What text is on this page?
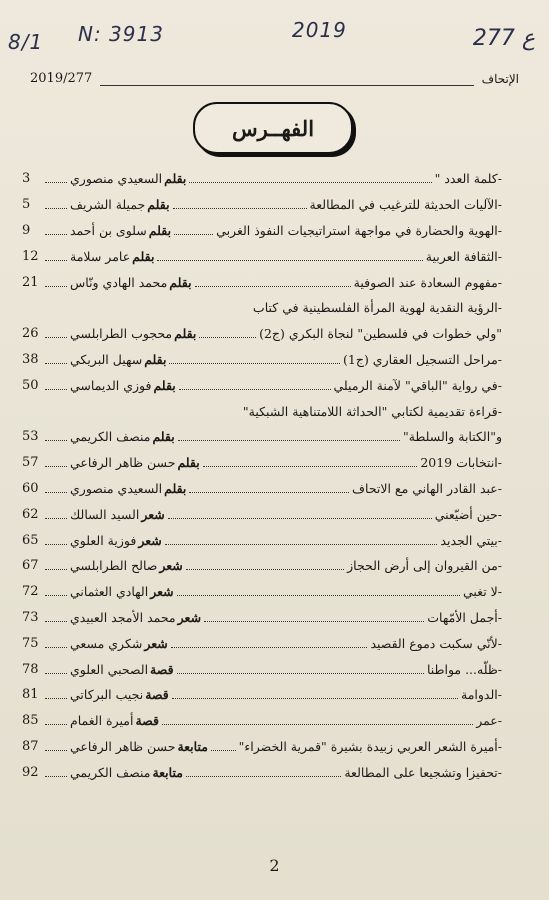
8/1 N: 3913	2019	277 ع
الإتحاف
2019/277
الفهــرس
-كلمة العدد "
بقلم
السعيدي منصوري
3
-الآليات الحديثة للترغيب في المطالعة
بقلم
جميلة الشريف
5
-الهوية والحضارة في مواجهة استراتيجيات النفوذ الغربي
بقلم
سلوى بن أحمد
9
-الثقافة العربية
بقلم
عامر سلامة
12
-مفهوم السعادة عند الصوفية
بقلم
محمد الهادي ونّاس
21
-الرؤية النقدية لهوية المرأة الفلسطينية في كتاب
"ولي خطوات في فلسطين" لنجاة البكري (ج2)
بقلم
محجوب الطرابلسي
26
-مراحل التسجيل العقاري (ج1)
بقلم
سهيل البريكي
38
-في رواية "الباقي" لآمنة الرميلي
بقلم
فوزي الديماسي
50
-قراءة تقديمية لكتابي "الحداثة اللامتناهية الشبكية"
و"الكتابة والسلطة"
بقلم
منصف الكريمي
53
-انتخابات 2019
بقلم
حسن ظاهر الرفاعي
57
-عبد القادر الهاني مع الاتحاف
بقلم
السعيدي منصوري
60
-حين أضيّعني
شعر
السيد السالك
62
-بيتي الجديد
شعر
فوزية العلوي
65
-من القيروان إلى أرض الحجاز
شعر
صالح الطرابلسي
67
-لا تغبي
شعر
الهادي العثماني
72
-أجمل الأمّهات
شعر
محمد الأمجد العبيدي
73
-لأنّي سكبت دموع القصيد
شعر
شكري مسعي
75
-ظلّه... مواطنا
قصة
الصحبي العلوي
78
-الدوامة
قصة
نجيب البركاتي
81
-عمر
قصة
أميرة الغمام
85
-أميرة الشعر العربي زبيدة بشيرة "قمرية الخضراء"
متابعة
حسن ظاهر الرفاعي
87
-تحفيزا وتشجيعا على المطالعة
متابعة
منصف الكريمي
92
2
